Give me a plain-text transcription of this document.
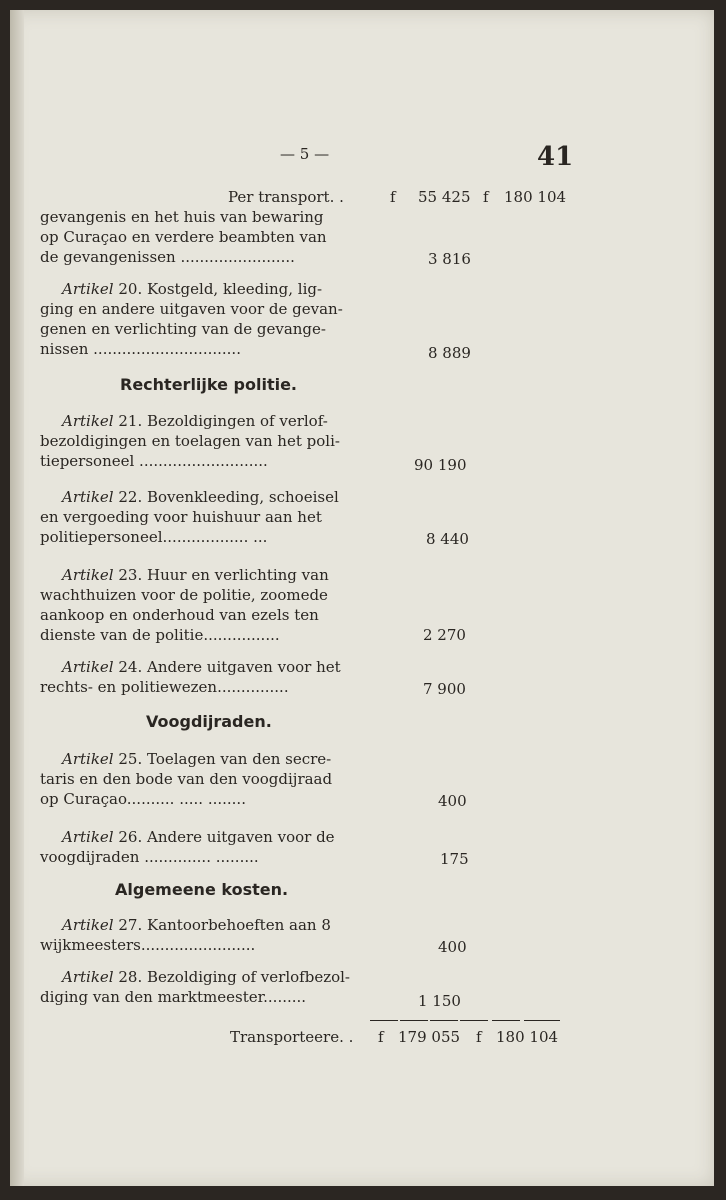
— 5 —	41
Per transport. .	f 55 425 f 180 104
gevangenis en het huis van bewaring
op Curaçao en verdere beambten van
de gevangenissen ........................	3 816
Artikel 20. Kostgeld, kleeding, lig-
ging en andere uitgaven voor de gevan-
genen en verlichting van de gevange-
nissen ...............................	8 889
Rechterlijke politie.
Artikel 21. Bezoldigingen of verlof-
bezoldigingen en toelagen van het poli-
tiepersoneel ...........................	90 190
Artikel 22. Bovenkleeding, schoeisel
en vergoeding voor huishuur aan het
politiepersoneel.................. ...	8 440
Artikel 23. Huur en verlichting van
wachthuizen voor de politie, zoomede
aankoop en onderhoud van ezels ten
dienste van de politie................	2 270
Artikel 24. Andere uitgaven voor het
rechts- en politiewezen...............	7 900
Voogdijraden.
Artikel 25. Toelagen van den secre-
taris en den bode van den voogdijraad
op Curaçao.......... ..... ........	400
Artikel 26. Andere uitgaven voor de
voogdijraden .............. .........	175
Algemeene kosten.
Artikel 27. Kantoorbehoeften aan 8
wijkmeesters........................	400
Artikel 28. Bezoldiging of verlofbezol-
diging van den marktmeester.........	1 150
Transporteere. . f 179 055 f 180 104
